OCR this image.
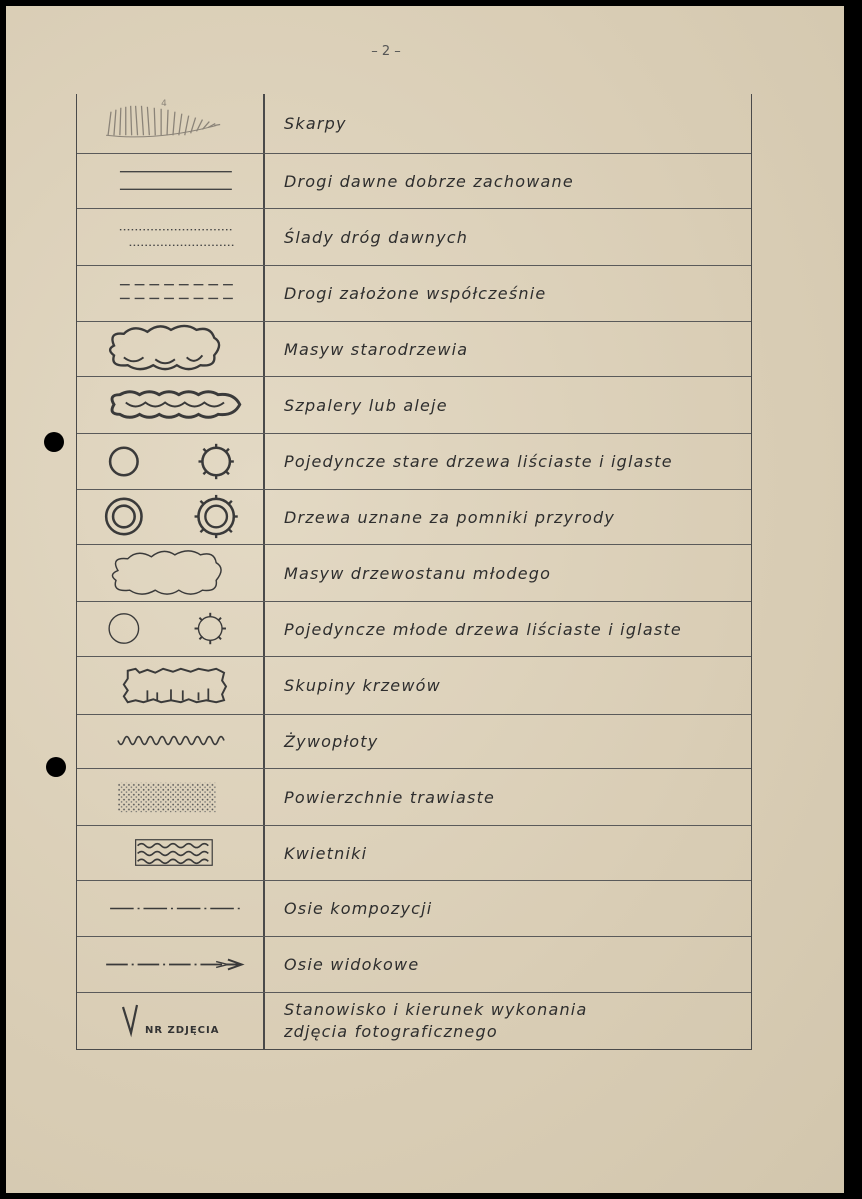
– 2 –
4
Skarpy
Drogi dawne dobrze zachowane
Ślady dróg dawnych
Drogi założone współcześnie
Masyw starodrzewia
Szpalery lub aleje
Pojedyncze stare drzewa liściaste i iglaste
Drzewa uznane za pomniki przyrody
Masyw drzewostanu młodego
Pojedyncze młode drzewa liściaste i iglaste
Skupiny krzewów
Żywopłoty
Powierzchnie trawiaste
Kwietniki
Osie kompozycji
Osie widokowe
NR ZDJĘCIA
Stanowisko i kierunek wykonania
zdjęcia fotograficznego
